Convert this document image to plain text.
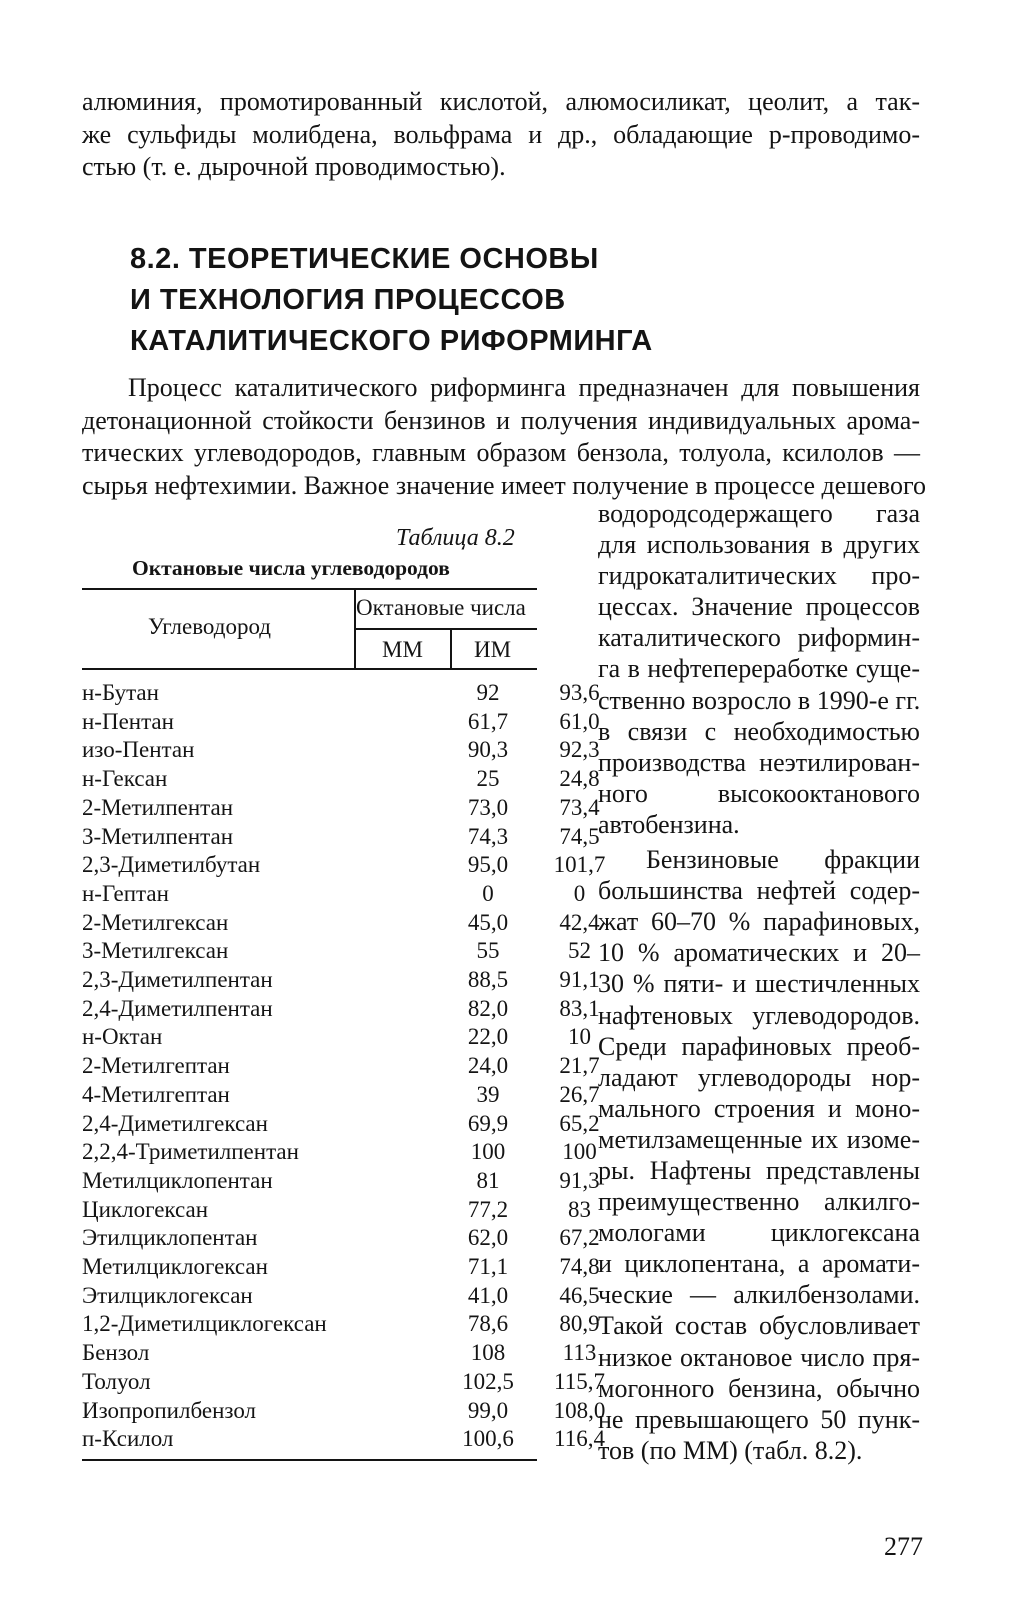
алюминия, промотированный кислотой, алюмосиликат, цеолит, а так-
же сульфиды молибдена, вольфрама и др., обладающие р-проводимо-
стью (т. е. дырочной проводимостью).
8.2. ТЕОРЕТИЧЕСКИЕ ОСНОВЫ
И ТЕХНОЛОГИЯ ПРОЦЕССОВ
КАТАЛИТИЧЕСКОГО РИФОРМИНГА
Процесс каталитического риформинга предназначен для повышения
детонационной стойкости бензинов и получения индивидуальных арома-
тических углеводородов, главным образом бензола, толуола, ксилолов —
сырья нефтехимии. Важное значение имеет получение в процессе дешевого
водородсодержащего газа
для использования в других
гидрокаталитических про-
цессах. Значение процессов
каталитического риформин-
га в нефтепереработке суще-
ственно возросло в 1990-е гг.
в связи с необходимостью
производства неэтилирован-
ного высокооктанового
автобензина.
Бензиновые фракции
большинства нефтей содер-
жат 60–70 % парафиновых,
10 % ароматических и 20–
30 % пяти- и шестичленных
нафтеновых углеводородов.
Среди парафиновых преоб-
ладают углеводороды нор-
мального строения и моно-
метилзамещенные их изоме-
ры. Нафтены представлены
преимущественно алкилго-
мологами циклогексана
и циклопентана, а аромати-
ческие — алкилбензолами.
Такой состав обусловливает
низкое октановое число пря-
могонного бензина, обычно
не превышающего 50 пунк-
тов (по ММ) (табл. 8.2).
Таблица 8.2
Октановые числа углеводородов
Углеводород
Октановые числа
ММ ИМ
н-Бутан	92	93,6
н-Пентан	61,7	61,0
изо-Пентан	90,3	92,3
н-Гексан	25	24,8
2-Метилпентан	73,0	73,4
3-Метилпентан	74,3	74,5
2,3-Диметилбутан	95,0	101,7
н-Гептан	0	0
2-Метилгексан	45,0	42,4
3-Метилгексан	55	52
2,3-Диметилпентан	88,5	91,1
2,4-Диметилпентан	82,0	83,1
н-Октан	22,0	10
2-Метилгептан	24,0	21,7
4-Метилгептан	39	26,7
2,4-Диметилгексан	69,9	65,2
2,2,4-Триметилпентан	100	100
Метилциклопентан	81	91,3
Циклогексан	77,2	83
Этилциклопентан	62,0	67,2
Метилциклогексан	71,1	74,8
Этилциклогексан	41,0	46,5
1,2-Диметилциклогексан	78,6	80,9
Бензол	108	113
Толуол	102,5	115,7
Изопропилбензол	99,0	108,0
п-Ксилол	100,6	116,4
277
